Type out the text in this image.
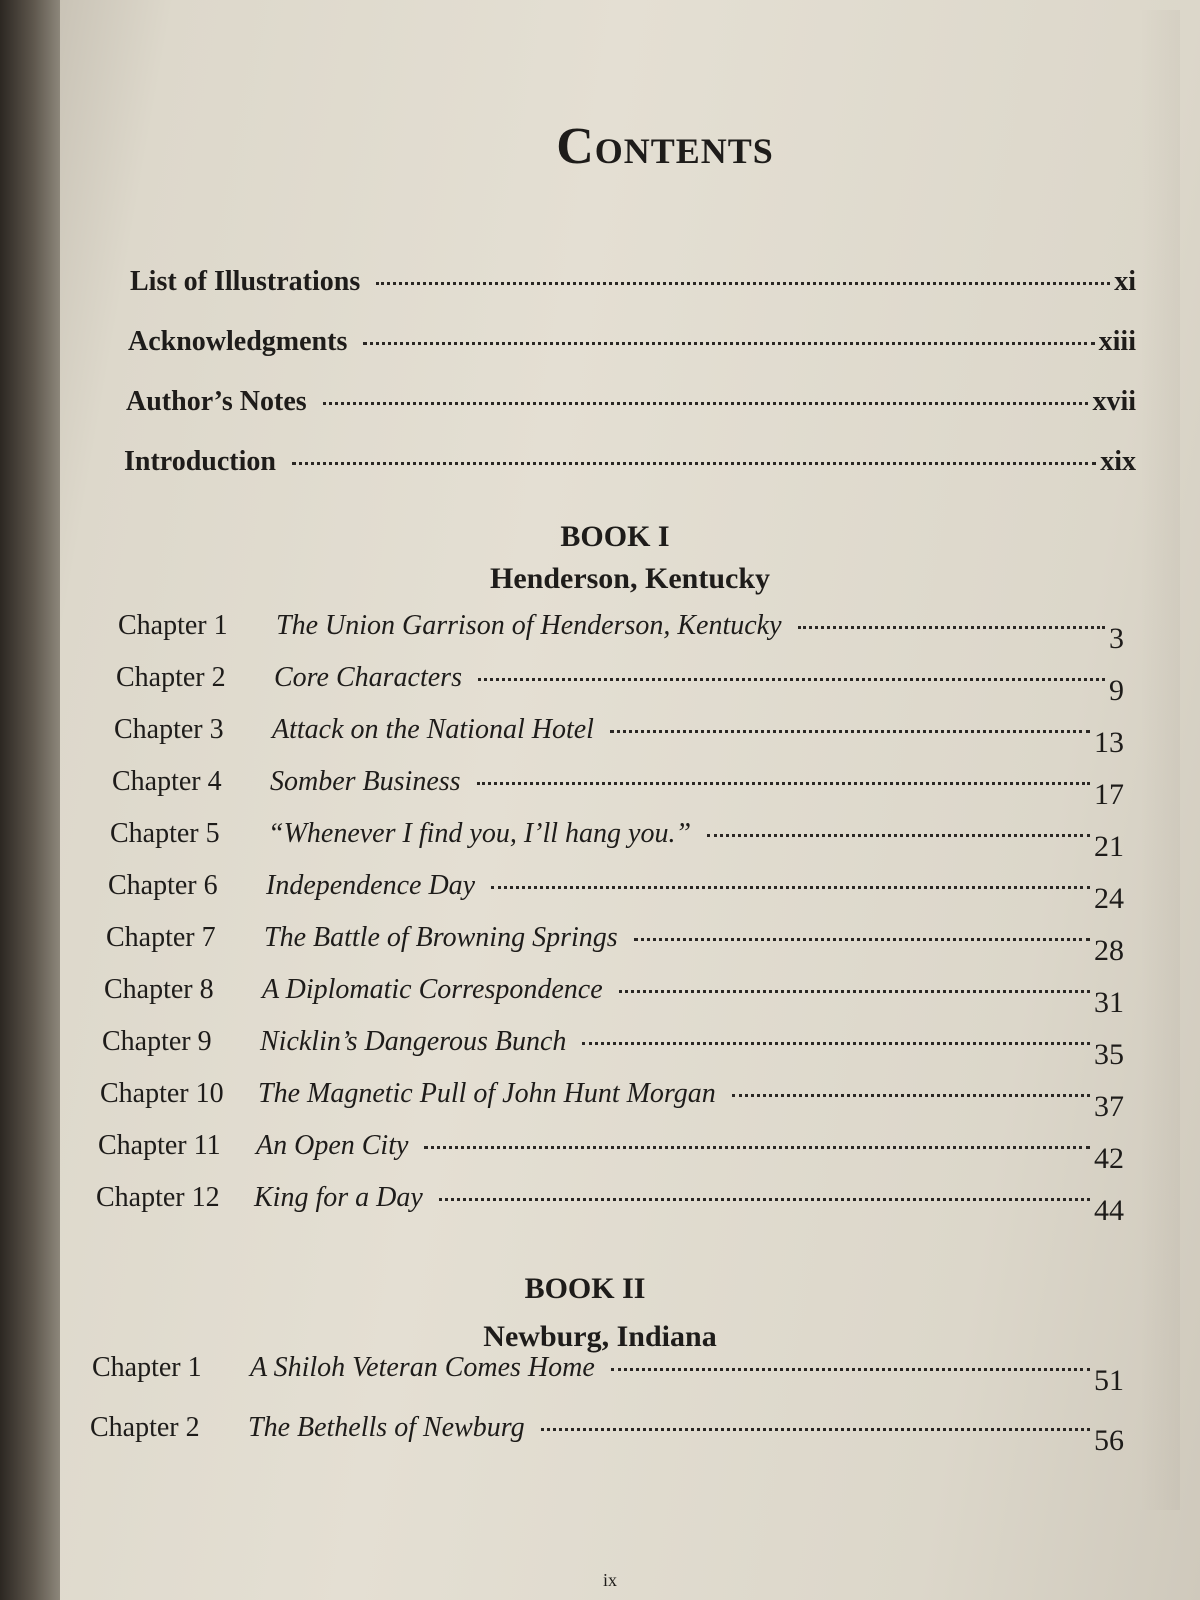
Contents
List of Illustrations	xi
Acknowledgments	xiii
Author’s Notes	xvii
Introduction	xix
BOOK I
Henderson, Kentucky
Chapter 1	The Union Garrison of Henderson, Kentucky	3
Chapter 2	Core Characters	9
Chapter 3	Attack on the National Hotel	13
Chapter 4	Somber Business	17
Chapter 5	“Whenever I find you, I’ll hang you.”	21
Chapter 6	Independence Day	24
Chapter 7	The Battle of Browning Springs	28
Chapter 8	A Diplomatic Correspondence	31
Chapter 9	Nicklin’s Dangerous Bunch	35
Chapter 10	The Magnetic Pull of John Hunt Morgan	37
Chapter 11	An Open City	42
Chapter 12	King for a Day	44
BOOK II
Newburg, Indiana
Chapter 1	A Shiloh Veteran Comes Home	51
Chapter 2	The Bethells of Newburg	56
ix
